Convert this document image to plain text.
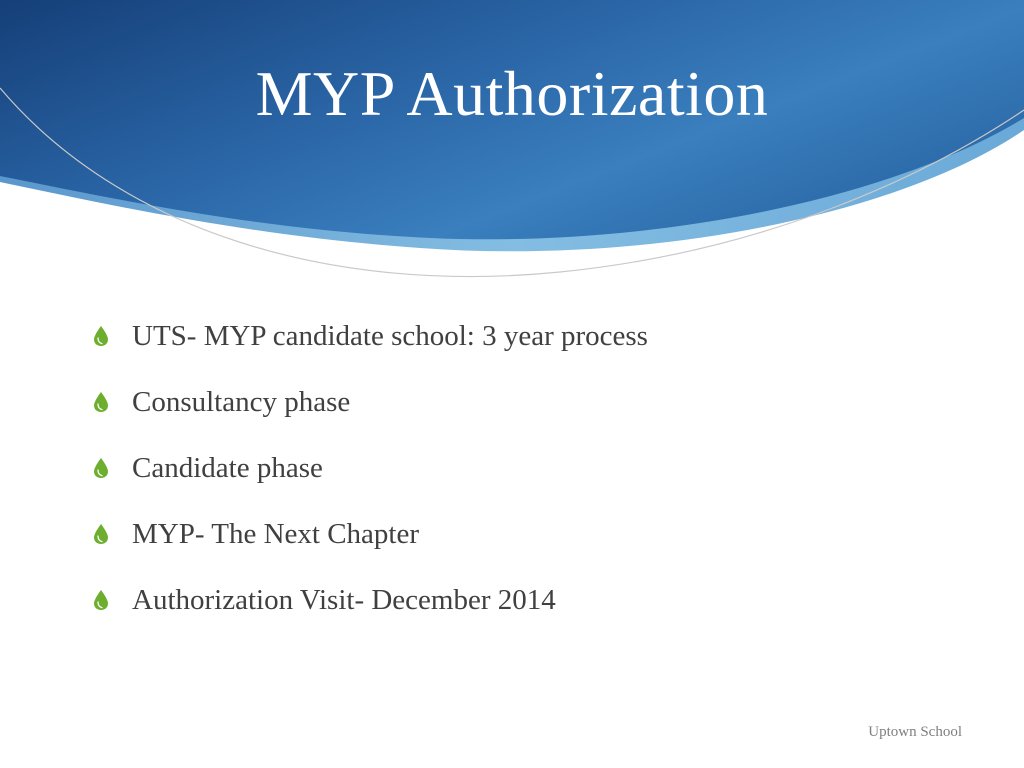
MYP Authorization
UTS- MYP candidate school: 3 year process
Consultancy phase
Candidate phase
MYP- The Next Chapter
Authorization Visit- December 2014
Uptown School
